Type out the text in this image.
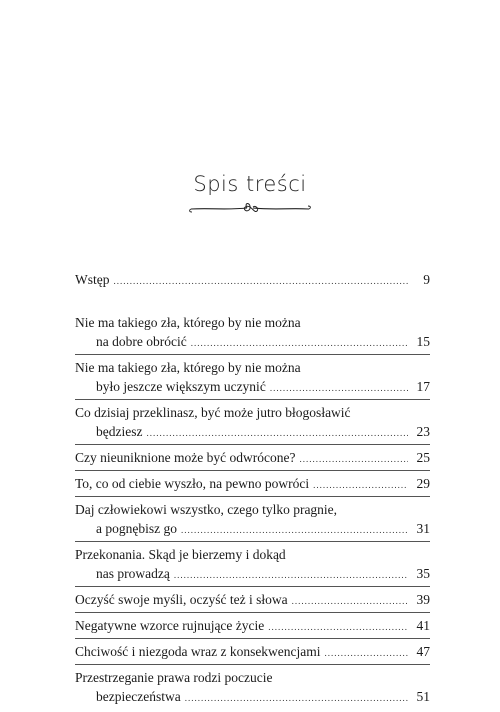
Spis treści
Wstęp .....	9
Nie ma takiego zła, którego by nie można
na dobre obrócić .....	15
Nie ma takiego zła, którego by nie można
było jeszcze większym uczynić .....	17
Co dzisiaj przeklinasz, być może jutro błogosławić
będziesz .....	23
Czy nieuniknione może być odwrócone? .....	25
To, co od ciebie wyszło, na pewno powróci .....	29
Daj człowiekowi wszystko, czego tylko pragnie,
a pognębisz go .....	31
Przekonania. Skąd je bierzemy i dokąd
nas prowadzą .....	35
Oczyść swoje myśli, oczyść też i słowa .....	39
Negatywne wzorce rujnujące życie .....	41
Chciwość i niezgoda wraz z konsekwencjami .....	47
Przestrzeganie prawa rodzi poczucie
bezpieczeństwa .....	51
